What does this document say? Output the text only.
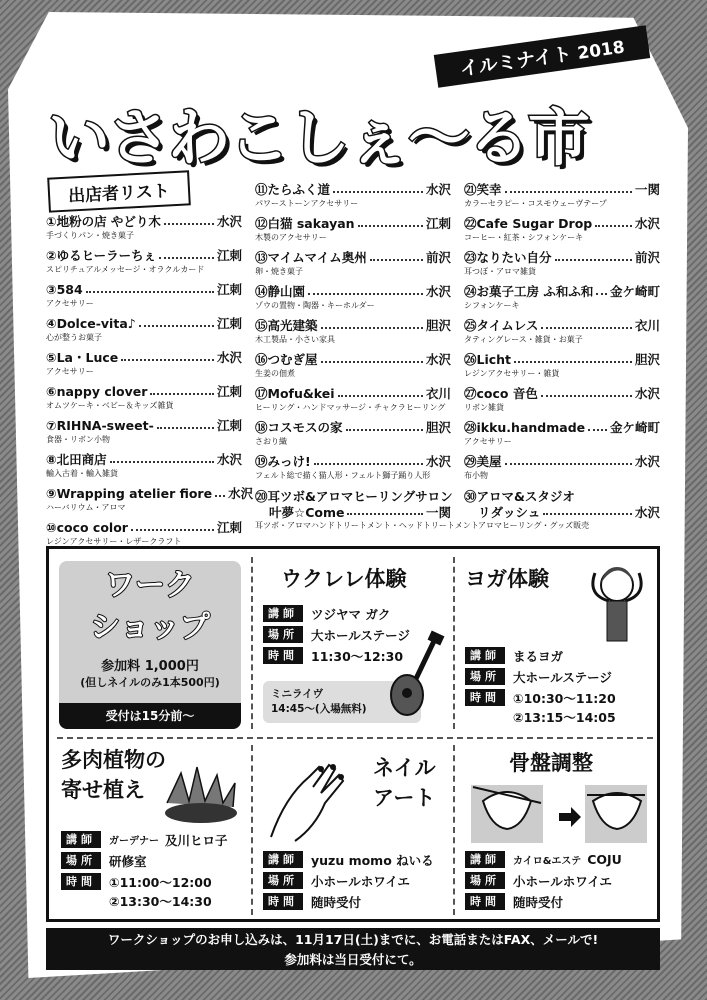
イルミナイト 2018
いさわこしぇ～る市
出店者リスト
①地粉の店 やどり木	水沢
手づくりパン・焼き菓子
②ゆるヒーラーちぇ	江刺
スピリチュアルメッセージ・オラクルカード
③584	江刺
アクセサリー
④Dolce-vita♪	江刺
心が整うお菓子
⑤La・Luce	水沢
アクセサリー
⑥nappy clover	江刺
オムツケーキ・ベビー＆キッズ雑貨
⑦RIHNA-sweet-	江刺
食器・リボン小物
⑧北田商店	水沢
輸入古着・輸入雑貨
⑨Wrapping atelier fiore 水沢
ハーバリウム・アロマ
⑩coco color	江刺
レジンアクセサリー・レザークラフト
⑪たらふく道	水沢
パワーストーンアクセサリー
⑫白猫 sakayan	江刺
木製のアクセサリー
⑬マイムマイム奥州	前沢
卵・焼き菓子
⑭静山園	水沢
ゾウの置物・陶器・キーホルダー
⑮高光建築	胆沢
木工製品・小さい家具
⑯つむぎ屋	水沢
生姜の佃煮
⑰Mofu&kei	衣川
ヒーリング・ハンドマッサージ・チャクラヒーリング
⑱コスモスの家	胆沢
さおり織
⑲みっけ!	水沢
フェルト総で描く猫人形・フェルト獅子踊り人形
㉑笑幸	一関
カラーセラピー・コスモウェーヴテープ
㉒Cafe Sugar Drop	水沢
コーヒー・紅茶・シフォンケーキ
㉓なりたい自分	前沢
耳つぼ・アロマ雑貨
㉔お菓子工房 ふ和ふ和 金ケ崎町
シフォンケーキ
㉕タイムレス	衣川
タティングレース・雑貨・お菓子
㉖Licht	胆沢
レジンアクセサリー・雑貨
㉗coco 音色	水沢
リボン雑貨
㉘ikku.handmade 金ケ崎町
アクセサリー
㉙美屋	水沢
布小物
⑳耳ツボ&アロマヒーリングサロン
叶夢☆Come	一関
耳ツボ・アロマハンドトリートメント・ヘッドトリートメント
㉚アロマ&スタジオ
リダッシュ	水沢
アロマヒーリング・グッズ販売
ワーク
ショップ
参加料 1,000円
(但しネイルのみ1本500円)
受付は15分前～
ウクレレ体験
講師	ツジヤマ ガク
場所	大ホールステージ
時間	11:30～12:30
ミニライヴ
14:45～(入場無料)
ヨガ体験
講師	まるヨガ
場所	大ホールステージ
時間	①10:30～11:20
②13:15～14:05
多肉植物の
寄せ植え
講師	ガーデナー 及川ヒロ子
場所	研修室
時間	①11:00～12:00
②13:30～14:30
ネイル
アート
講師	yuzu momo ねいる
場所	小ホールホワイエ
時間	随時受付
骨盤調整
講師	カイロ&エステ COJU
場所	小ホールホワイエ
時間	随時受付
ワークショップのお申し込みは、11月17日(土)までに、お電話またはFAX、メールで!
参加料は当日受付にて。
